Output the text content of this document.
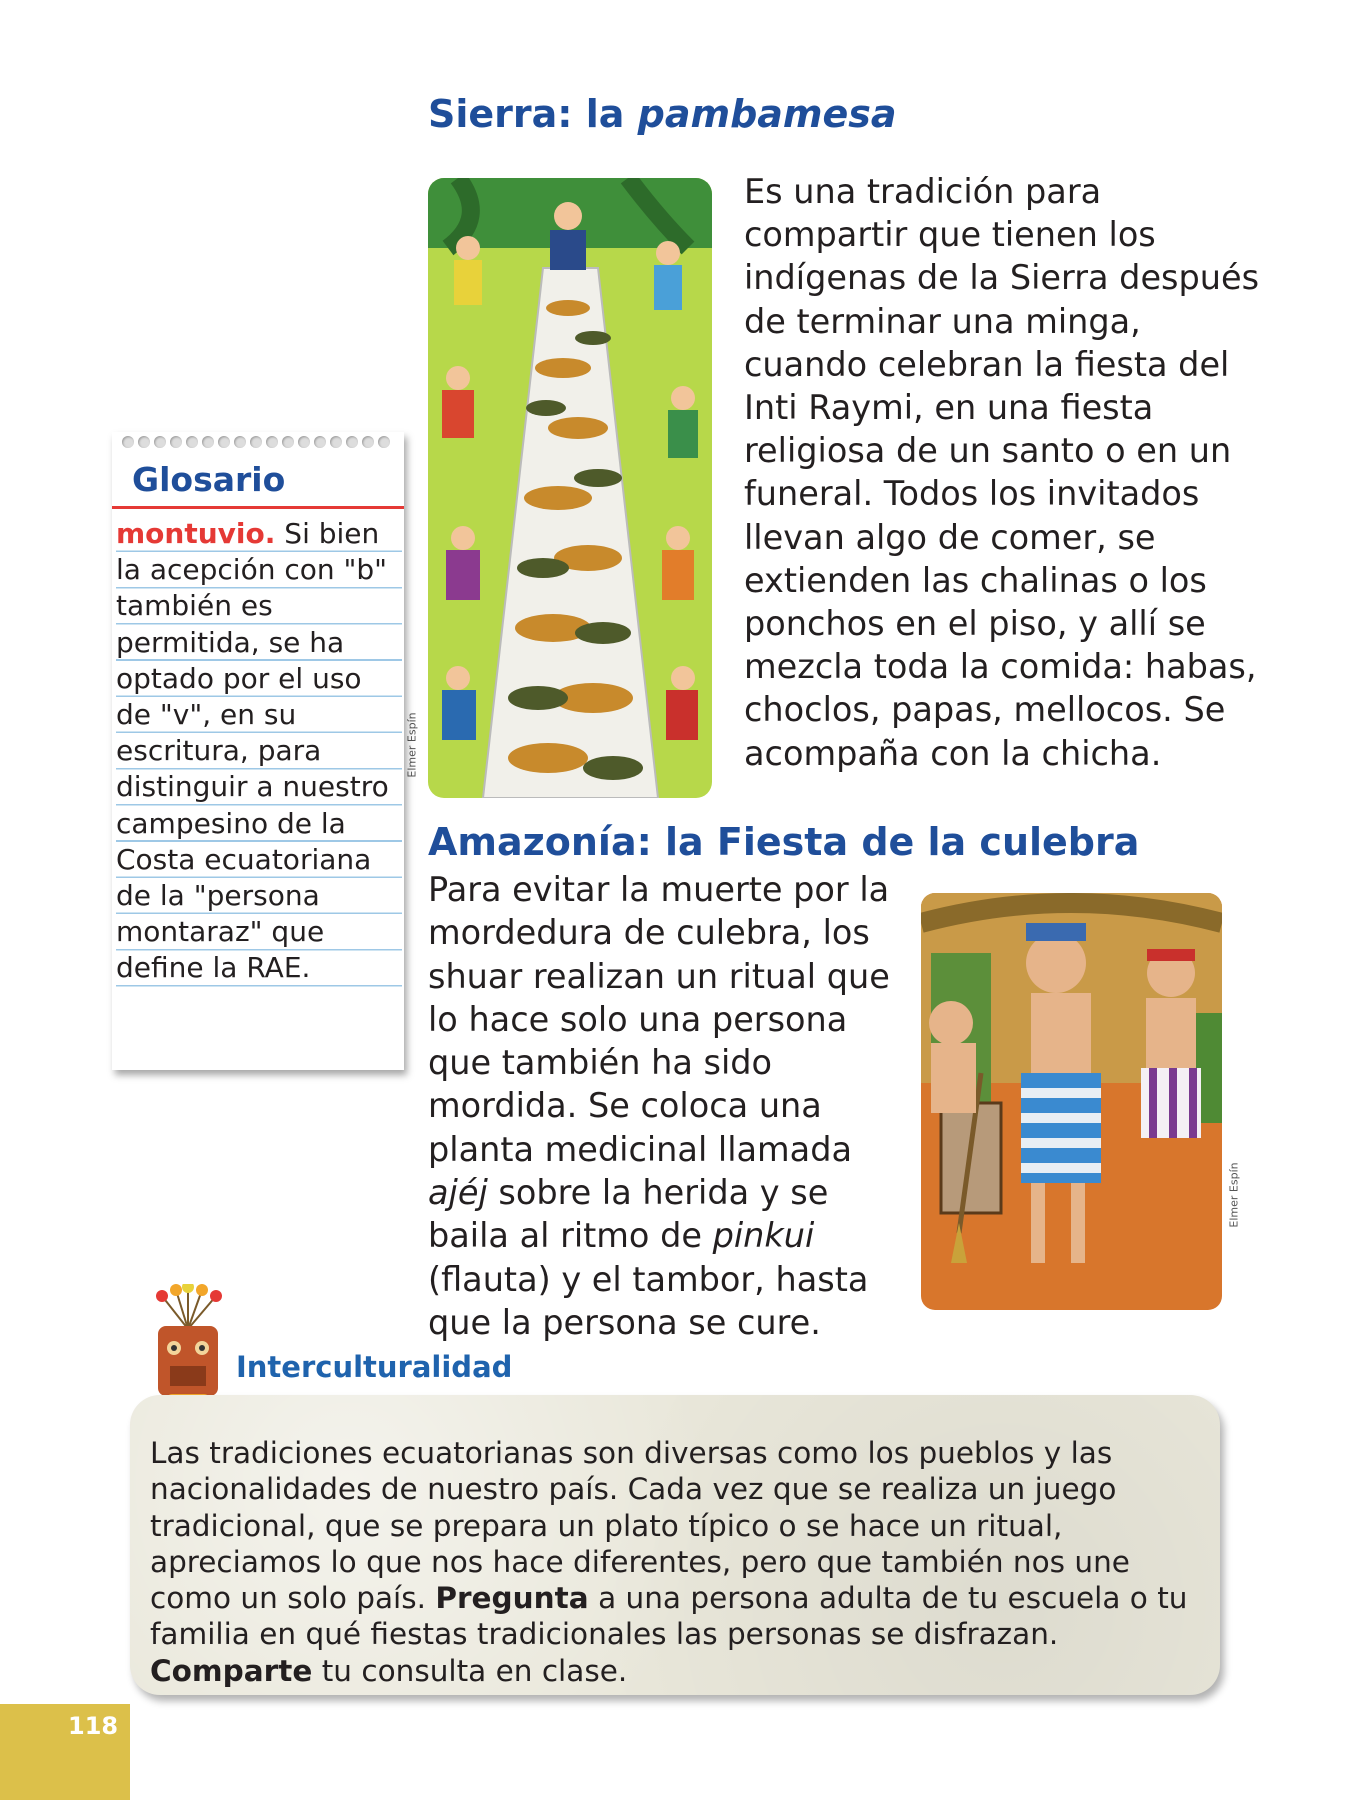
Sierra: la pambamesa
Elmer Espín
Es una tradición para compartir que tienen los indígenas de la Sierra después de terminar una minga, cuando celebran la fiesta del Inti Raymi, en una fiesta religiosa de un santo o en un funeral. Todos los invitados llevan algo de comer, se extienden las chalinas o los ponchos en el piso, y allí se mezcla toda la comida: habas, choclos, papas, mellocos. Se acompaña con la chicha.
Glosario
montuvio. Si bien la acepción con "b" también es permitida, se ha optado por el uso de "v", en su escritura, para distinguir a nuestro campesino de la Costa ecuatoriana de la "persona montaraz" que define la RAE.
Amazonía: la Fiesta de la culebra
Para evitar la muerte por la mordedura de culebra, los shuar realizan un ritual que lo hace solo una persona que también ha sido mordida. Se coloca una planta medicinal llamada ajéj sobre la herida y se baila al ritmo de pinkui (flauta) y el tambor, hasta que la persona se cure.
Elmer Espín
Interculturalidad
Las tradiciones ecuatorianas son diversas como los pueblos y las nacionalidades de nuestro país. Cada vez que se realiza un juego tradicional, que se prepara un plato típico o se hace un ritual, apreciamos lo que nos hace diferentes, pero que también nos une como un solo país. Pregunta a una persona adulta de tu escuela o tu familia en qué fiestas tradicionales las personas se disfrazan. Comparte tu consulta en clase.
118
